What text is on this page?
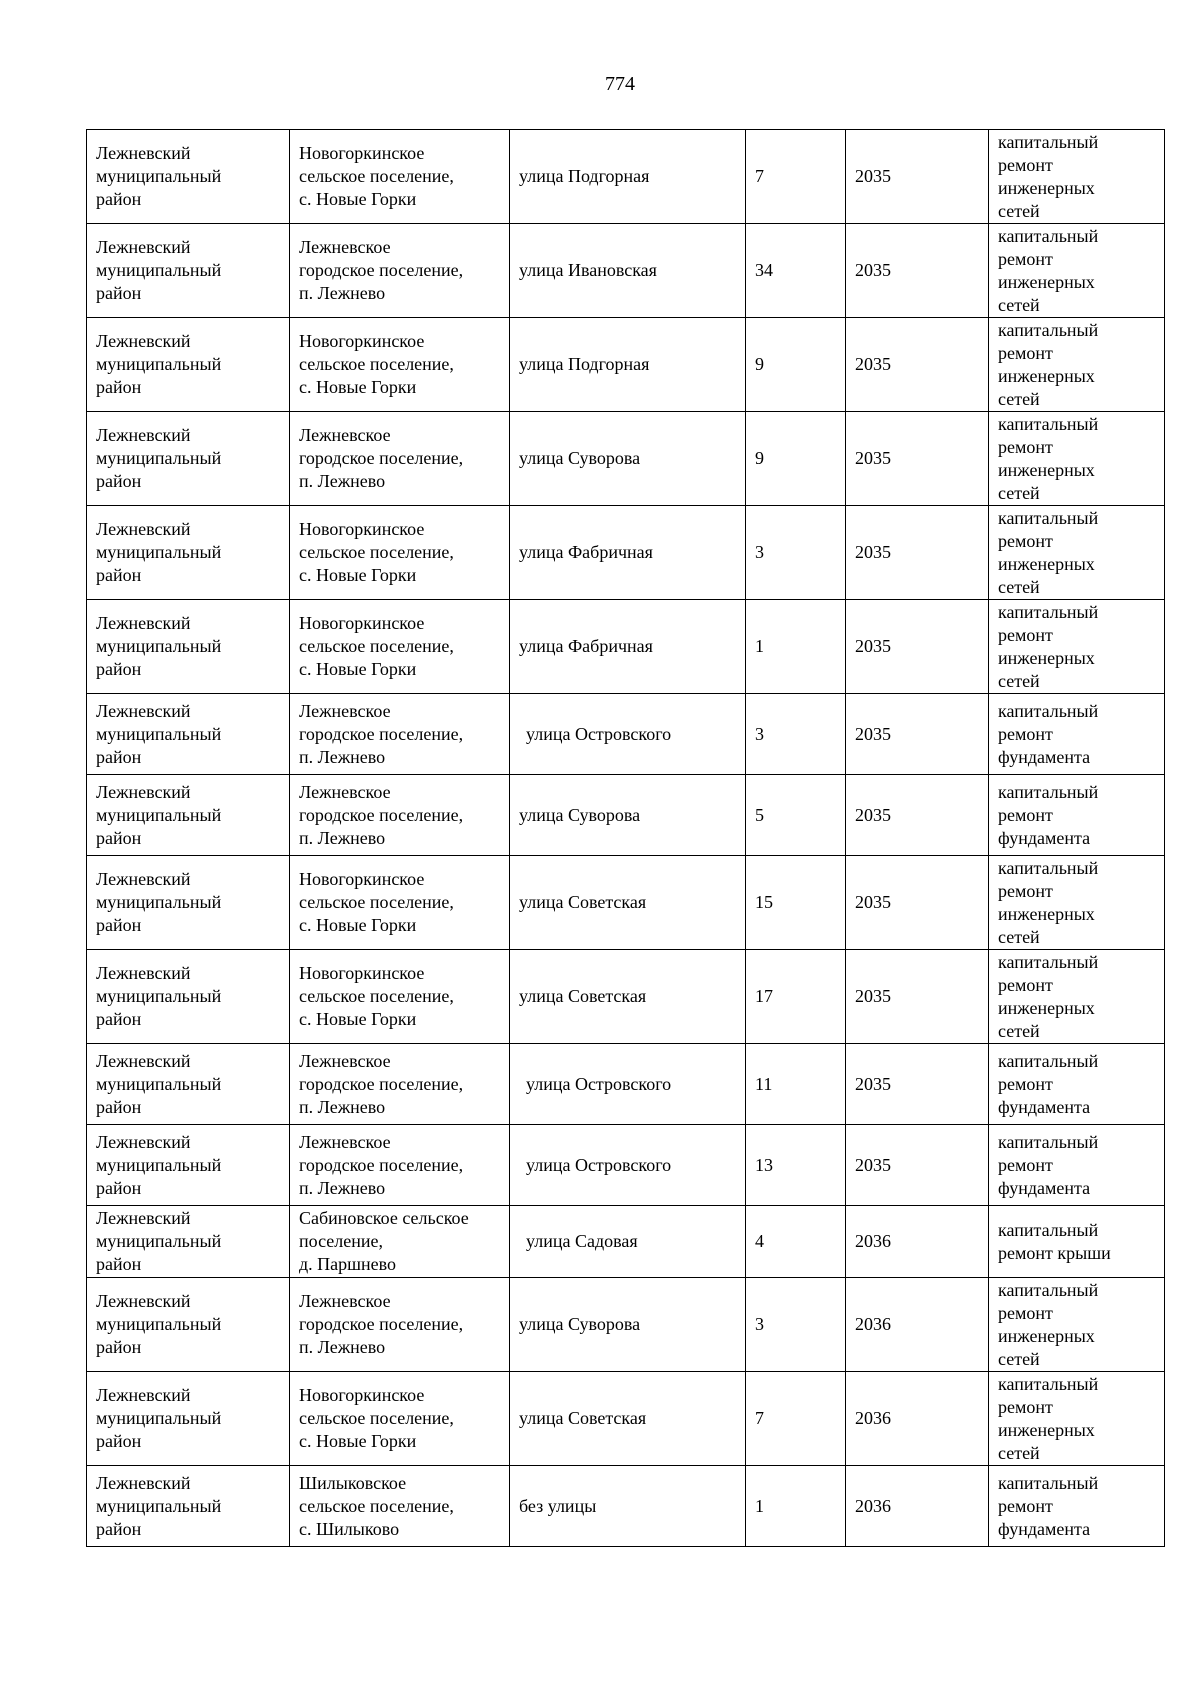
774
Лежневский
муниципальный
район	Новогоркинское
сельское поселение,
с. Новые Горки	улица Подгорная	7	2035	капитальный
ремонт
инженерных
сетей
Лежневский
муниципальный
район	Лежневское
городское поселение,
п. Лежнево	улица Ивановская	34	2035	капитальный
ремонт
инженерных
сетей
Лежневский
муниципальный
район	Новогоркинское
сельское поселение,
с. Новые Горки	улица Подгорная	9	2035	капитальный
ремонт
инженерных
сетей
Лежневский
муниципальный
район	Лежневское
городское поселение,
п. Лежнево	улица Суворова	9	2035	капитальный
ремонт
инженерных
сетей
Лежневский
муниципальный
район	Новогоркинское
сельское поселение,
с. Новые Горки	улица Фабричная	3	2035	капитальный
ремонт
инженерных
сетей
Лежневский
муниципальный
район	Новогоркинское
сельское поселение,
с. Новые Горки	улица Фабричная	1	2035	капитальный
ремонт
инженерных
сетей
Лежневский
муниципальный
район	Лежневское
городское поселение,
п. Лежнево	улица Островского	3	2035	капитальный
ремонт
фундамента
Лежневский
муниципальный
район	Лежневское
городское поселение,
п. Лежнево	улица Суворова	5	2035	капитальный
ремонт
фундамента
Лежневский
муниципальный
район	Новогоркинское
сельское поселение,
с. Новые Горки	улица Советская	15	2035	капитальный
ремонт
инженерных
сетей
Лежневский
муниципальный
район	Новогоркинское
сельское поселение,
с. Новые Горки	улица Советская	17	2035	капитальный
ремонт
инженерных
сетей
Лежневский
муниципальный
район	Лежневское
городское поселение,
п. Лежнево	улица Островского	11	2035	капитальный
ремонт
фундамента
Лежневский
муниципальный
район	Лежневское
городское поселение,
п. Лежнево	улица Островского	13	2035	капитальный
ремонт
фундамента
Лежневский
муниципальный
район	Сабиновское сельское
поселение,
д. Паршнево	улица Садовая	4	2036	капитальный
ремонт крыши
Лежневский
муниципальный
район	Лежневское
городское поселение,
п. Лежнево	улица Суворова	3	2036	капитальный
ремонт
инженерных
сетей
Лежневский
муниципальный
район	Новогоркинское
сельское поселение,
с. Новые Горки	улица Советская	7	2036	капитальный
ремонт
инженерных
сетей
Лежневский
муниципальный
район	Шилыковское
сельское поселение,
с. Шилыково	без улицы	1	2036	капитальный
ремонт
фундамента
